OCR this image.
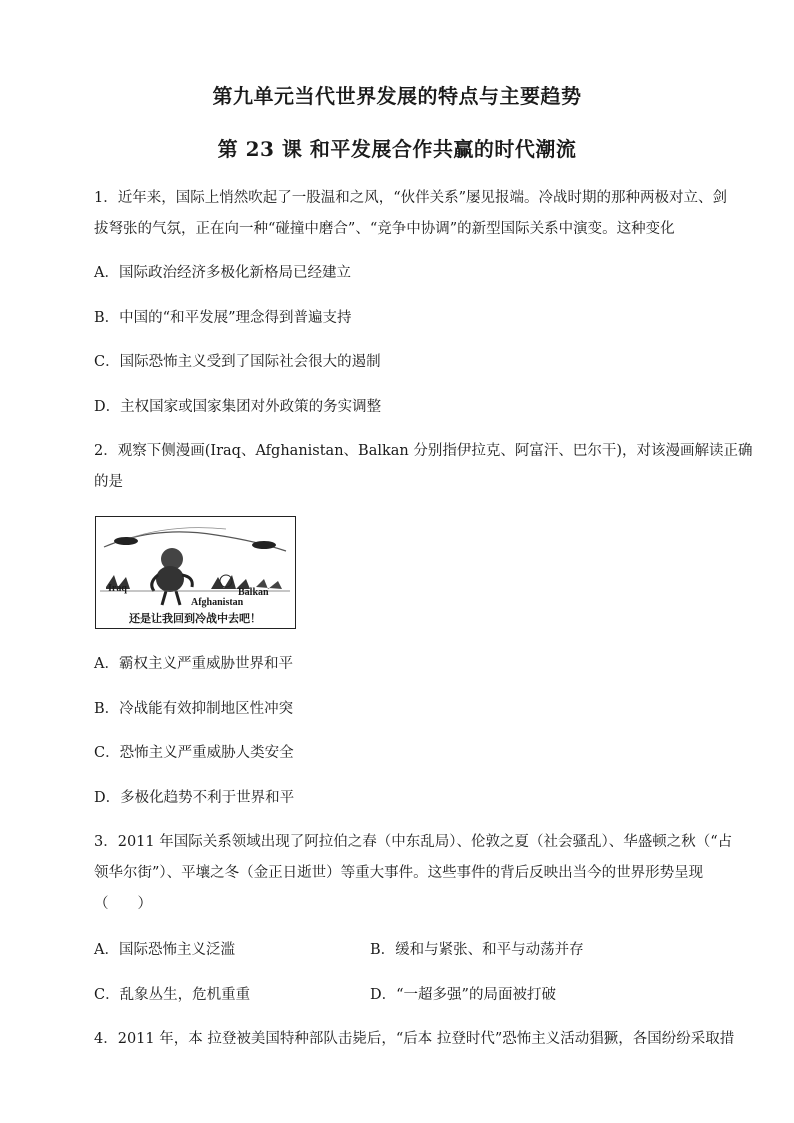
第九单元当代世界发展的特点与主要趋势
第 23 课 和平发展合作共赢的时代潮流
1．近年来，国际上悄然吹起了一股温和之风，“伙伴关系”屡见报端。冷战时期的那种两极对立、剑
拔弩张的气氛，正在向一种“碰撞中磨合”、“竞争中协调”的新型国际关系中演变。这种变化
A．国际政治经济多极化新格局已经建立
B．中国的“和平发展”理念得到普遍支持
C．国际恐怖主义受到了国际社会很大的遏制
D．主权国家或国家集团对外政策的务实调整
2．观察下侧漫画(Iraq、Afghanistan、Balkan 分别指伊拉克、阿富汗、巴尔干)，对该漫画解读正确
的是
Iraq
Afghanistan
Balkan
还是让我回到冷战中去吧！
A．霸权主义严重威胁世界和平
B．冷战能有效抑制地区性冲突
C．恐怖主义严重威胁人类安全
D．多极化趋势不利于世界和平
3．2011 年国际关系领域出现了阿拉伯之春（中东乱局）、伦敦之夏（社会骚乱）、华盛顿之秋（“占
领华尔街”）、平壤之冬（金正日逝世）等重大事件。这些事件的背后反映出当今的世界形势呈现
（　　）
A．国际恐怖主义泛滥	B．缓和与紧张、和平与动荡并存
C．乱象丛生，危机重重	D．“一超多强”的局面被打破
4．2011 年，本 拉登被美国特种部队击毙后，“后本 拉登时代”恐怖主义活动猖獗，各国纷纷采取措
